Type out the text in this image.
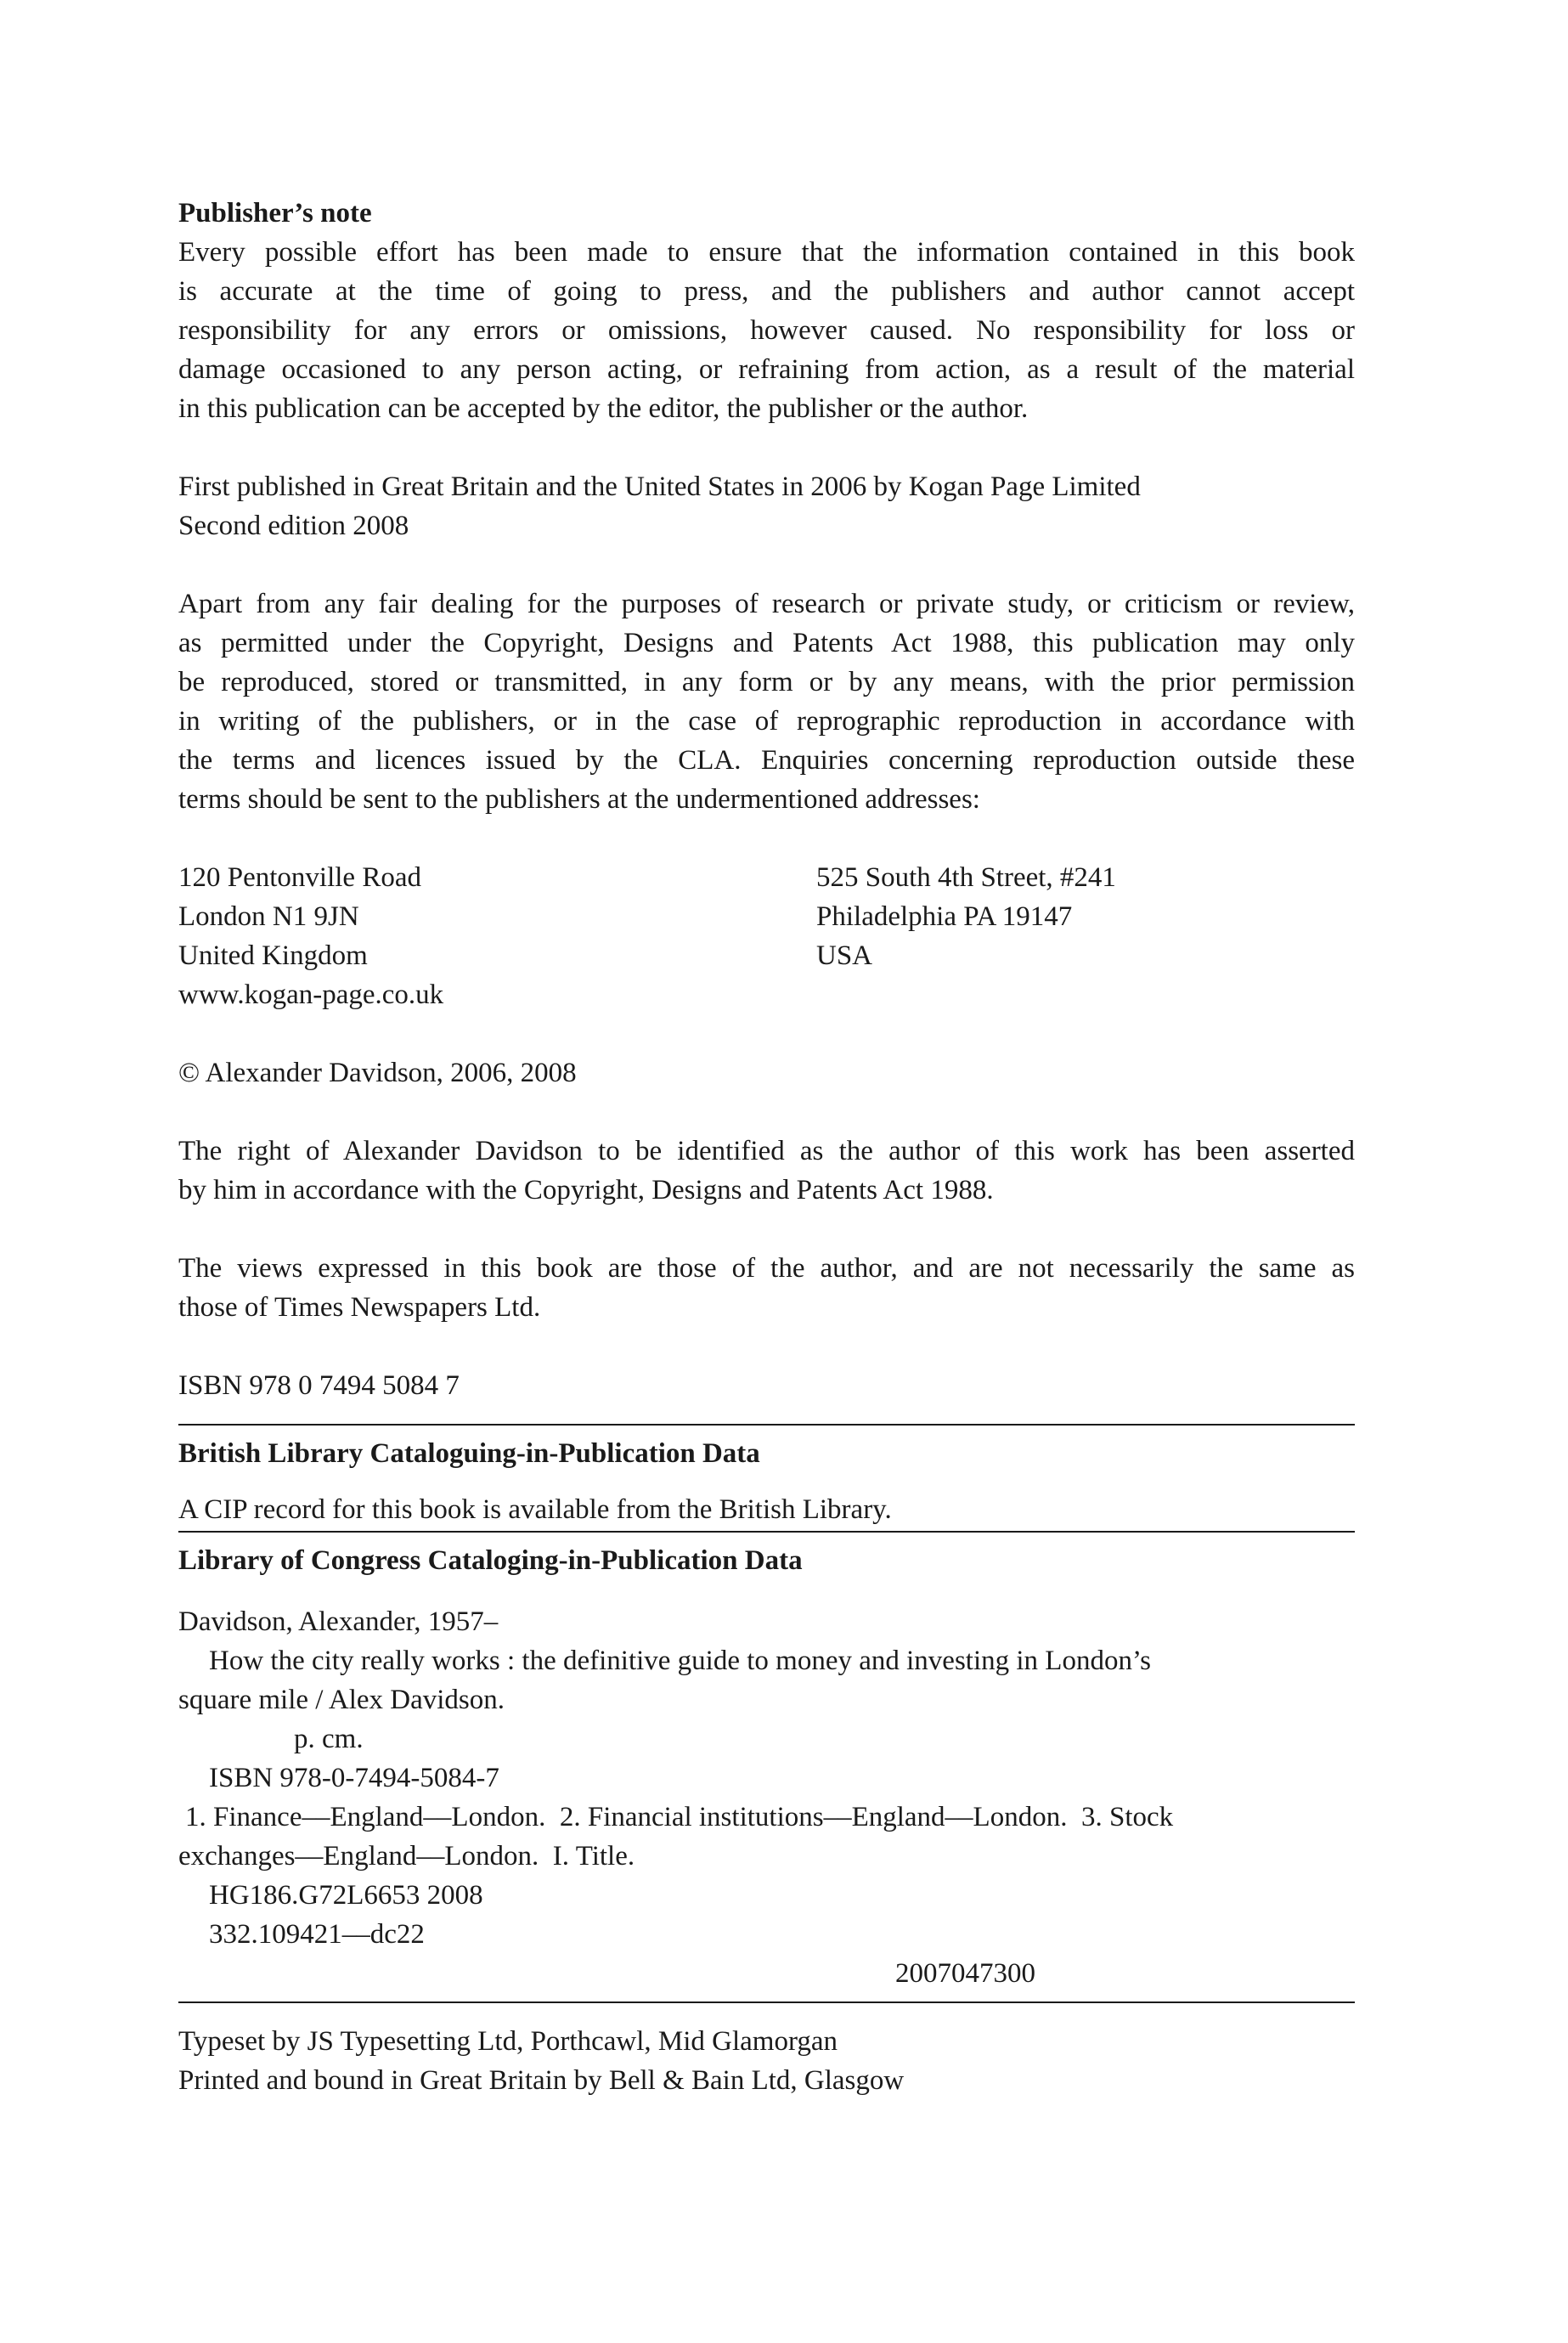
Publisher’s note
Every possible effort has been made to ensure that the information contained in this book
is accurate at the time of going to press, and the publishers and author cannot accept
responsibility for any errors or omissions, however caused. No responsibility for loss or
damage occasioned to any person acting, or refraining from action, as a result of the material
in this publication can be accepted by the editor, the publisher or the author.
First published in Great Britain and the United States in 2006 by Kogan Page Limited
Second edition 2008
Apart from any fair dealing for the purposes of research or private study, or criticism or review,
as permitted under the Copyright, Designs and Patents Act 1988, this publication may only
be reproduced, stored or transmitted, in any form or by any means, with the prior permission
in writing of the publishers, or in the case of reprographic reproduction in accordance with
the terms and licences issued by the CLA. Enquiries concerning reproduction outside these
terms should be sent to the publishers at the undermentioned addresses:
120 Pentonville Road
London N1 9JN
United Kingdom
www.kogan-page.co.uk
525 South 4th Street, #241
Philadelphia PA 19147
USA
© Alexander Davidson, 2006, 2008
The right of Alexander Davidson to be identified as the author of this work has been asserted
by him in accordance with the Copyright, Designs and Patents Act 1988.
The views expressed in this book are those of the author, and are not necessarily the same as
those of Times Newspapers Ltd.
ISBN 978 0 7494 5084 7
British Library Cataloguing-in-Publication Data
A CIP record for this book is available from the British Library.
Library of Congress Cataloging-in-Publication Data
Davidson, Alexander, 1957–
How the city really works : the definitive guide to money and investing in London’s
square mile / Alex Davidson.
p. cm.
ISBN 978-0-7494-5084-7
1. Finance––England––London.  2. Financial institutions––England––London.  3. Stock
exchanges––England––London.  I. Title.
HG186.G72L6653 2008
332.109421––dc22
2007047300
Typeset by JS Typesetting Ltd, Porthcawl, Mid Glamorgan
Printed and bound in Great Britain by Bell & Bain Ltd, Glasgow
